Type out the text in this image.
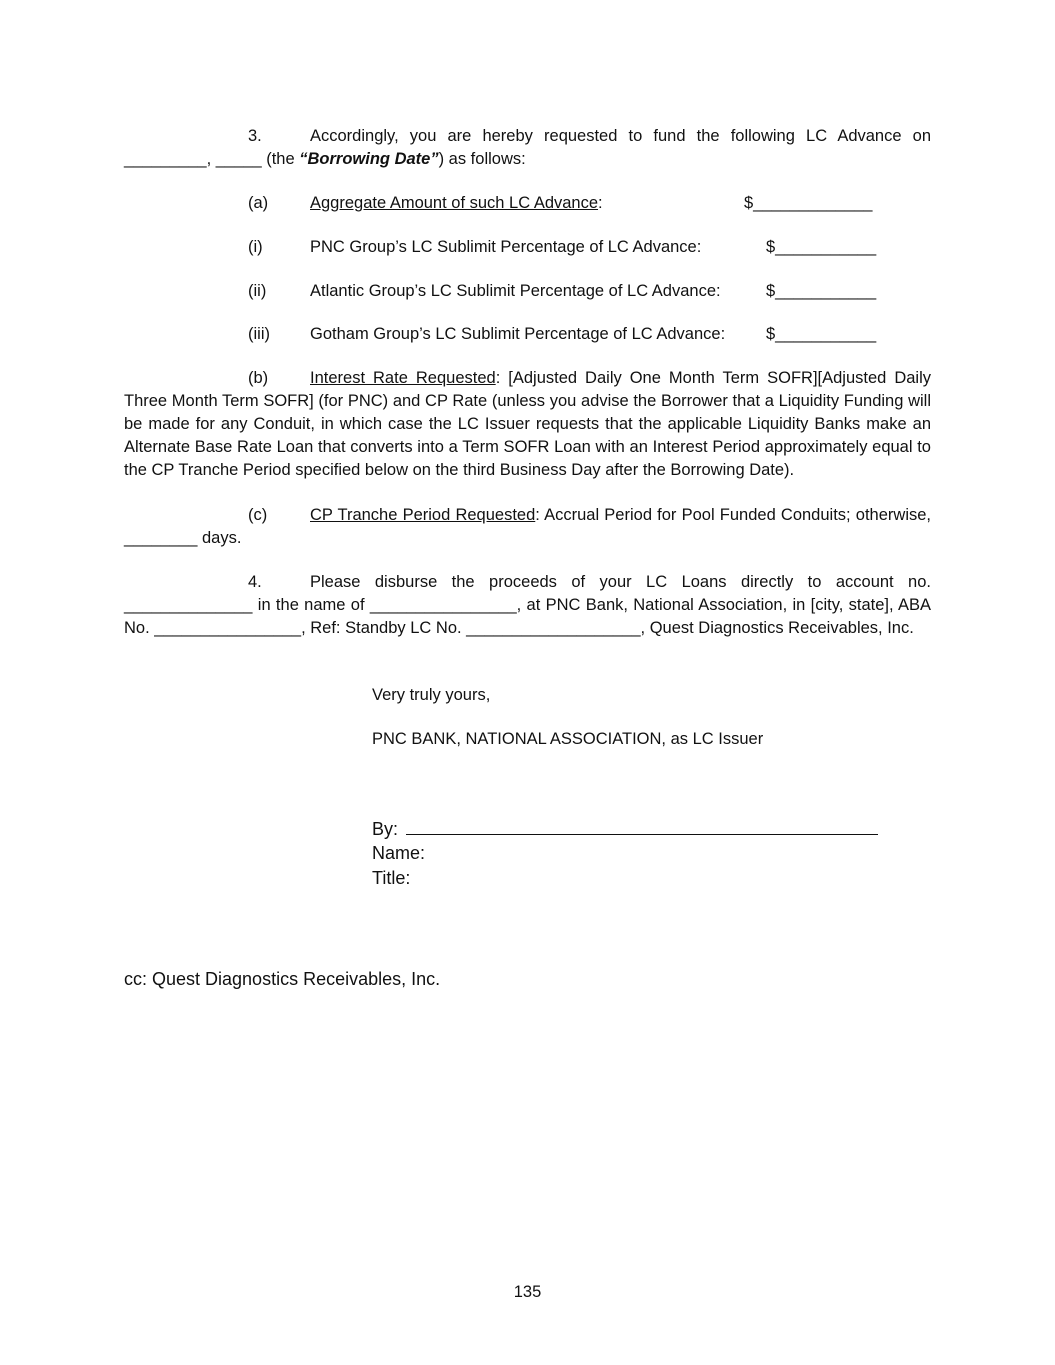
3.	Accordingly, you are hereby requested to fund the following LC Advance on _________, _____ (the “Borrowing Date”) as follows:
(a)	Aggregate Amount of such LC Advance:	$_____________
(i)	PNC Group’s LC Sublimit Percentage of LC Advance:	$___________
(ii)	Atlantic Group’s LC Sublimit Percentage of LC Advance:	$___________
(iii) Gotham Group’s LC Sublimit Percentage of LC Advance: $___________
(b)	Interest Rate Requested: [Adjusted Daily One Month Term SOFR][Adjusted Daily Three Month Term SOFR] (for PNC) and CP Rate (unless you advise the Borrower that a Liquidity Funding will be made for any Conduit, in which case the LC Issuer requests that the applicable Liquidity Banks make an Alternate Base Rate Loan that converts into a Term SOFR Loan with an Interest Period approximately equal to the CP Tranche Period specified below on the third Business Day after the Borrowing Date).
(c)	CP Tranche Period Requested: Accrual Period for Pool Funded Conduits; otherwise, ________ days.
4.	Please disburse the proceeds of your LC Loans directly to account no. ______________ in the name of ________________, at PNC Bank, National Association, in [city, state], ABA No. ________________, Ref: Standby LC No. ___________________, Quest Diagnostics Receivables, Inc.
Very truly yours,
PNC BANK, NATIONAL ASSOCIATION, as LC Issuer
By:
Name:
Title:
cc: Quest Diagnostics Receivables, Inc.
135
